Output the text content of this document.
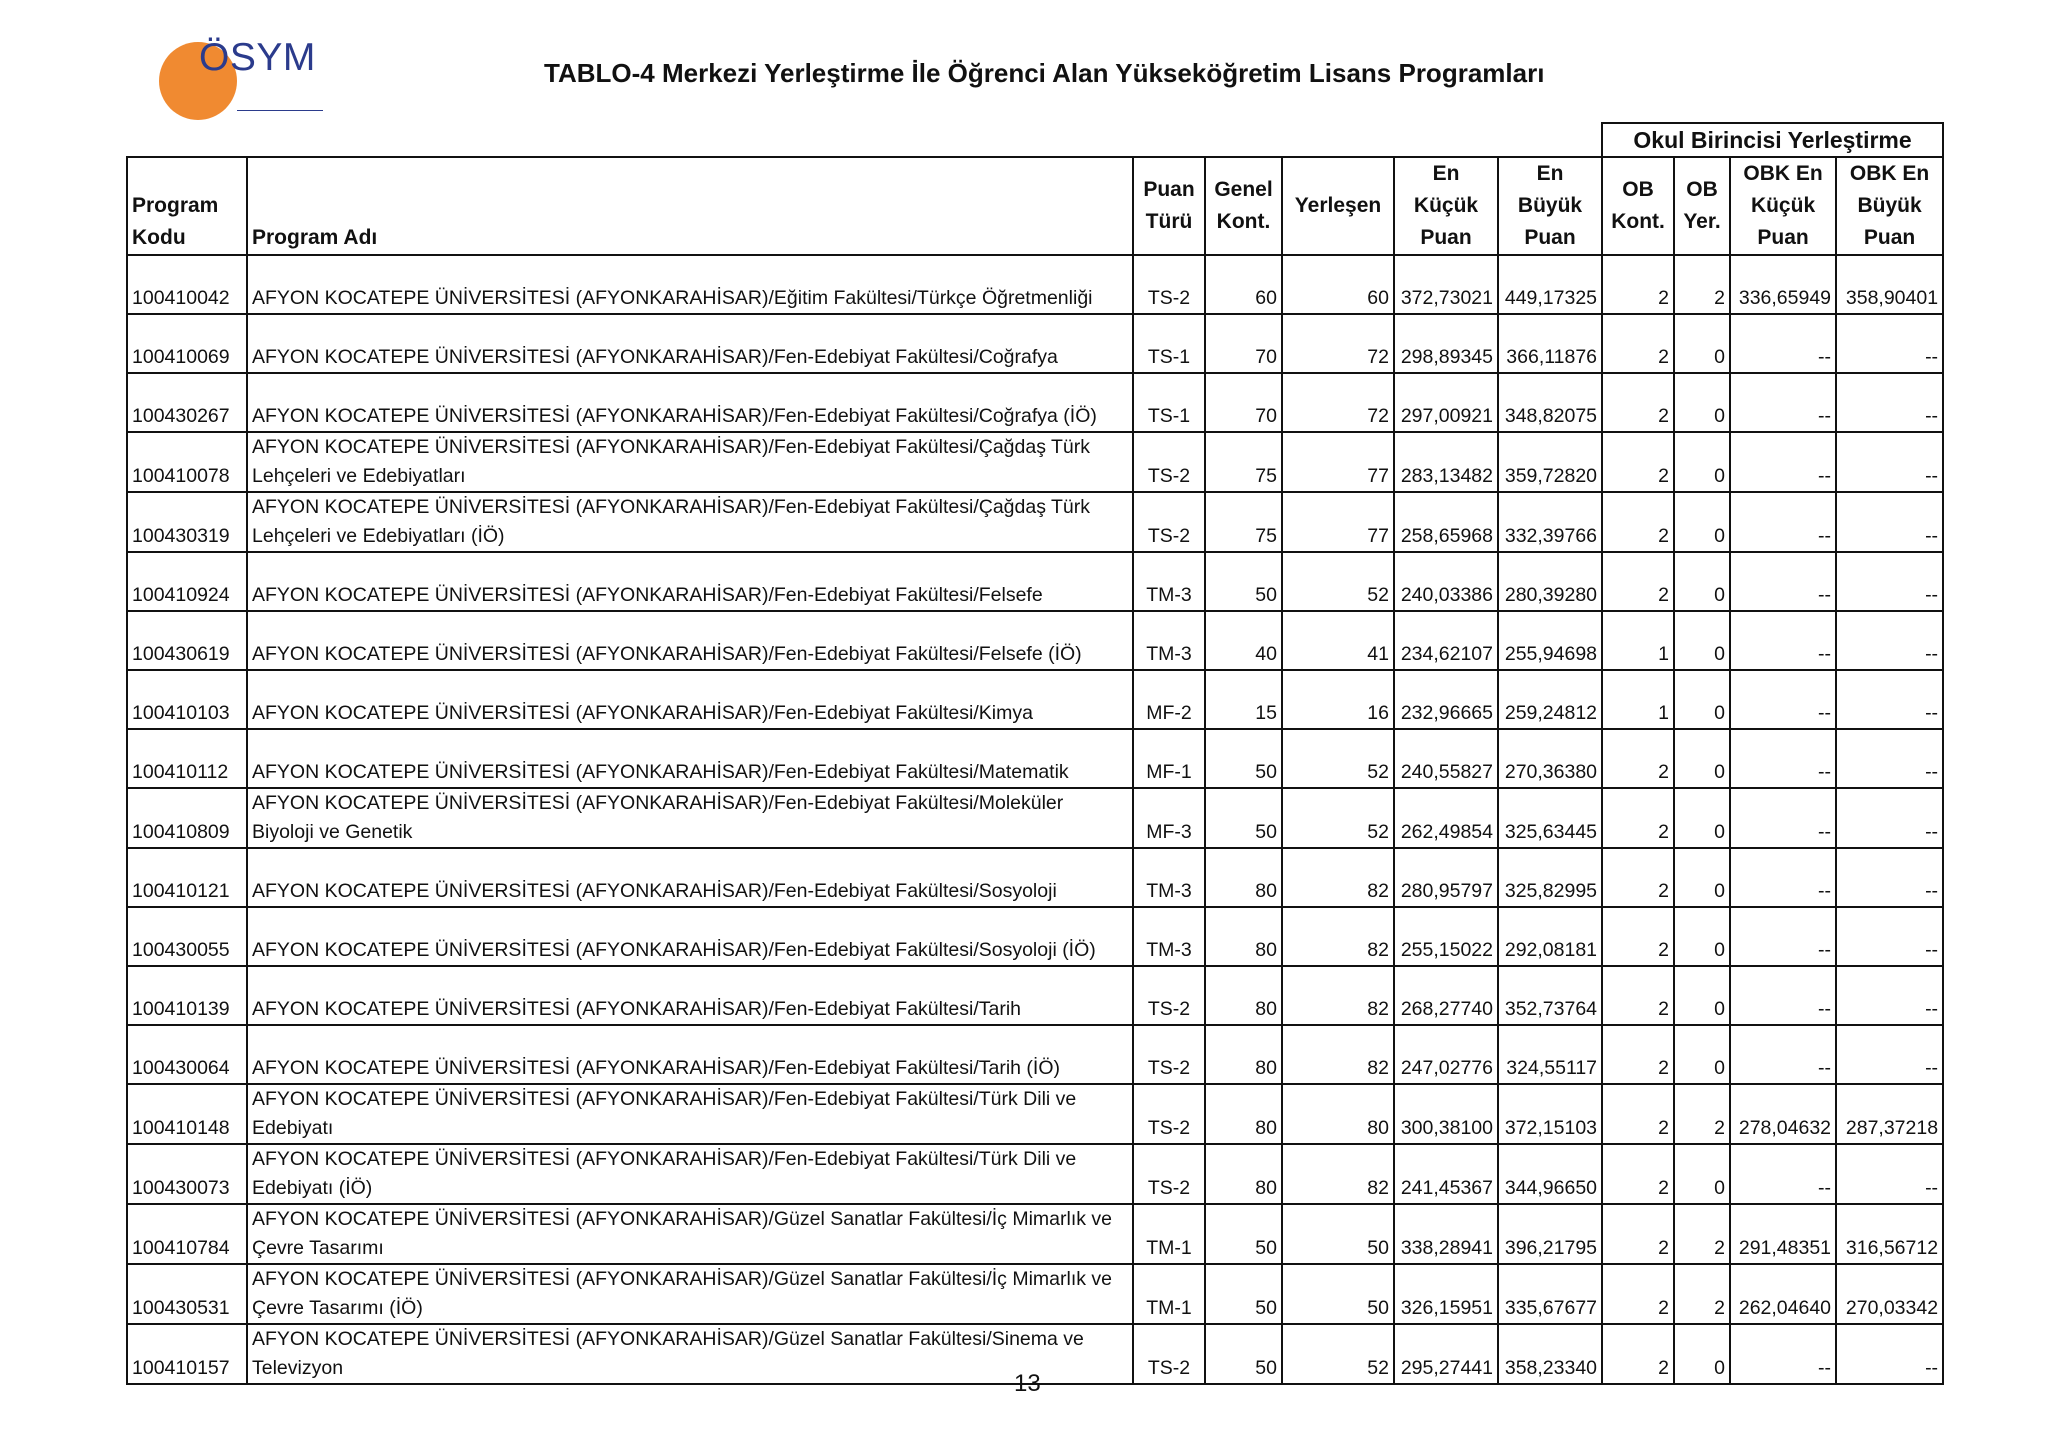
ÖSYM	TABLO-4 Merkezi Yerleştirme İle Öğrenci Alan Yükseköğretim Lisans Programları
							Okul Birincisi Yerleştirme			
Program Kodu	Program Adı	Puan Türü	Genel Kont.	Yerleşen	En Küçük Puan	En Büyük Puan	OB Kont.	OB Yer.	OBK En Küçük Puan	OBK En Büyük Puan
100410042	AFYON KOCATEPE ÜNİVERSİTESİ (AFYONKARAHİSAR)/Eğitim Fakültesi/Türkçe Öğretmenliği	TS-2	60	60	372,73021	449,17325	2	2	336,65949	358,90401
100410069	AFYON KOCATEPE ÜNİVERSİTESİ (AFYONKARAHİSAR)/Fen-Edebiyat Fakültesi/Coğrafya	TS-1	70	72	298,89345	366,11876	2	0	--	--
100430267	AFYON KOCATEPE ÜNİVERSİTESİ (AFYONKARAHİSAR)/Fen-Edebiyat Fakültesi/Coğrafya (İÖ)	TS-1	70	72	297,00921	348,82075	2	0	--	--
100410078	AFYON KOCATEPE ÜNİVERSİTESİ (AFYONKARAHİSAR)/Fen-Edebiyat Fakültesi/Çağdaş Türk Lehçeleri ve Edebiyatları	TS-2	75	77	283,13482	359,72820	2	0	--	--
100430319	AFYON KOCATEPE ÜNİVERSİTESİ (AFYONKARAHİSAR)/Fen-Edebiyat Fakültesi/Çağdaş Türk Lehçeleri ve Edebiyatları (İÖ)	TS-2	75	77	258,65968	332,39766	2	0	--	--
100410924	AFYON KOCATEPE ÜNİVERSİTESİ (AFYONKARAHİSAR)/Fen-Edebiyat Fakültesi/Felsefe	TM-3	50	52	240,03386	280,39280	2	0	--	--
100430619	AFYON KOCATEPE ÜNİVERSİTESİ (AFYONKARAHİSAR)/Fen-Edebiyat Fakültesi/Felsefe (İÖ)	TM-3	40	41	234,62107	255,94698	1	0	--	--
100410103	AFYON KOCATEPE ÜNİVERSİTESİ (AFYONKARAHİSAR)/Fen-Edebiyat Fakültesi/Kimya	MF-2	15	16	232,96665	259,24812	1	0	--	--
100410112	AFYON KOCATEPE ÜNİVERSİTESİ (AFYONKARAHİSAR)/Fen-Edebiyat Fakültesi/Matematik	MF-1	50	52	240,55827	270,36380	2	0	--	--
100410809	AFYON KOCATEPE ÜNİVERSİTESİ (AFYONKARAHİSAR)/Fen-Edebiyat Fakültesi/Moleküler Biyoloji ve Genetik	MF-3	50	52	262,49854	325,63445	2	0	--	--
100410121	AFYON KOCATEPE ÜNİVERSİTESİ (AFYONKARAHİSAR)/Fen-Edebiyat Fakültesi/Sosyoloji	TM-3	80	82	280,95797	325,82995	2	0	--	--
100430055	AFYON KOCATEPE ÜNİVERSİTESİ (AFYONKARAHİSAR)/Fen-Edebiyat Fakültesi/Sosyoloji (İÖ)	TM-3	80	82	255,15022	292,08181	2	0	--	--
100410139	AFYON KOCATEPE ÜNİVERSİTESİ (AFYONKARAHİSAR)/Fen-Edebiyat Fakültesi/Tarih	TS-2	80	82	268,27740	352,73764	2	0	--	--
100430064	AFYON KOCATEPE ÜNİVERSİTESİ (AFYONKARAHİSAR)/Fen-Edebiyat Fakültesi/Tarih (İÖ)	TS-2	80	82	247,02776	324,55117	2	0	--	--
100410148	AFYON KOCATEPE ÜNİVERSİTESİ (AFYONKARAHİSAR)/Fen-Edebiyat Fakültesi/Türk Dili ve Edebiyatı	TS-2	80	80	300,38100	372,15103	2	2	278,04632	287,37218
100430073	AFYON KOCATEPE ÜNİVERSİTESİ (AFYONKARAHİSAR)/Fen-Edebiyat Fakültesi/Türk Dili ve Edebiyatı (İÖ)	TS-2	80	82	241,45367	344,96650	2	0	--	--
100410784	AFYON KOCATEPE ÜNİVERSİTESİ (AFYONKARAHİSAR)/Güzel Sanatlar Fakültesi/İç Mimarlık ve Çevre Tasarımı	TM-1	50	50	338,28941	396,21795	2	2	291,48351	316,56712
100430531	AFYON KOCATEPE ÜNİVERSİTESİ (AFYONKARAHİSAR)/Güzel Sanatlar Fakültesi/İç Mimarlık ve Çevre Tasarımı (İÖ)	TM-1	50	50	326,15951	335,67677	2	2	262,04640	270,03342
100410157	AFYON KOCATEPE ÜNİVERSİTESİ (AFYONKARAHİSAR)/Güzel Sanatlar Fakültesi/Sinema ve Televizyon	TS-2	50	52	295,27441	358,23340	2	0	--	--
13
